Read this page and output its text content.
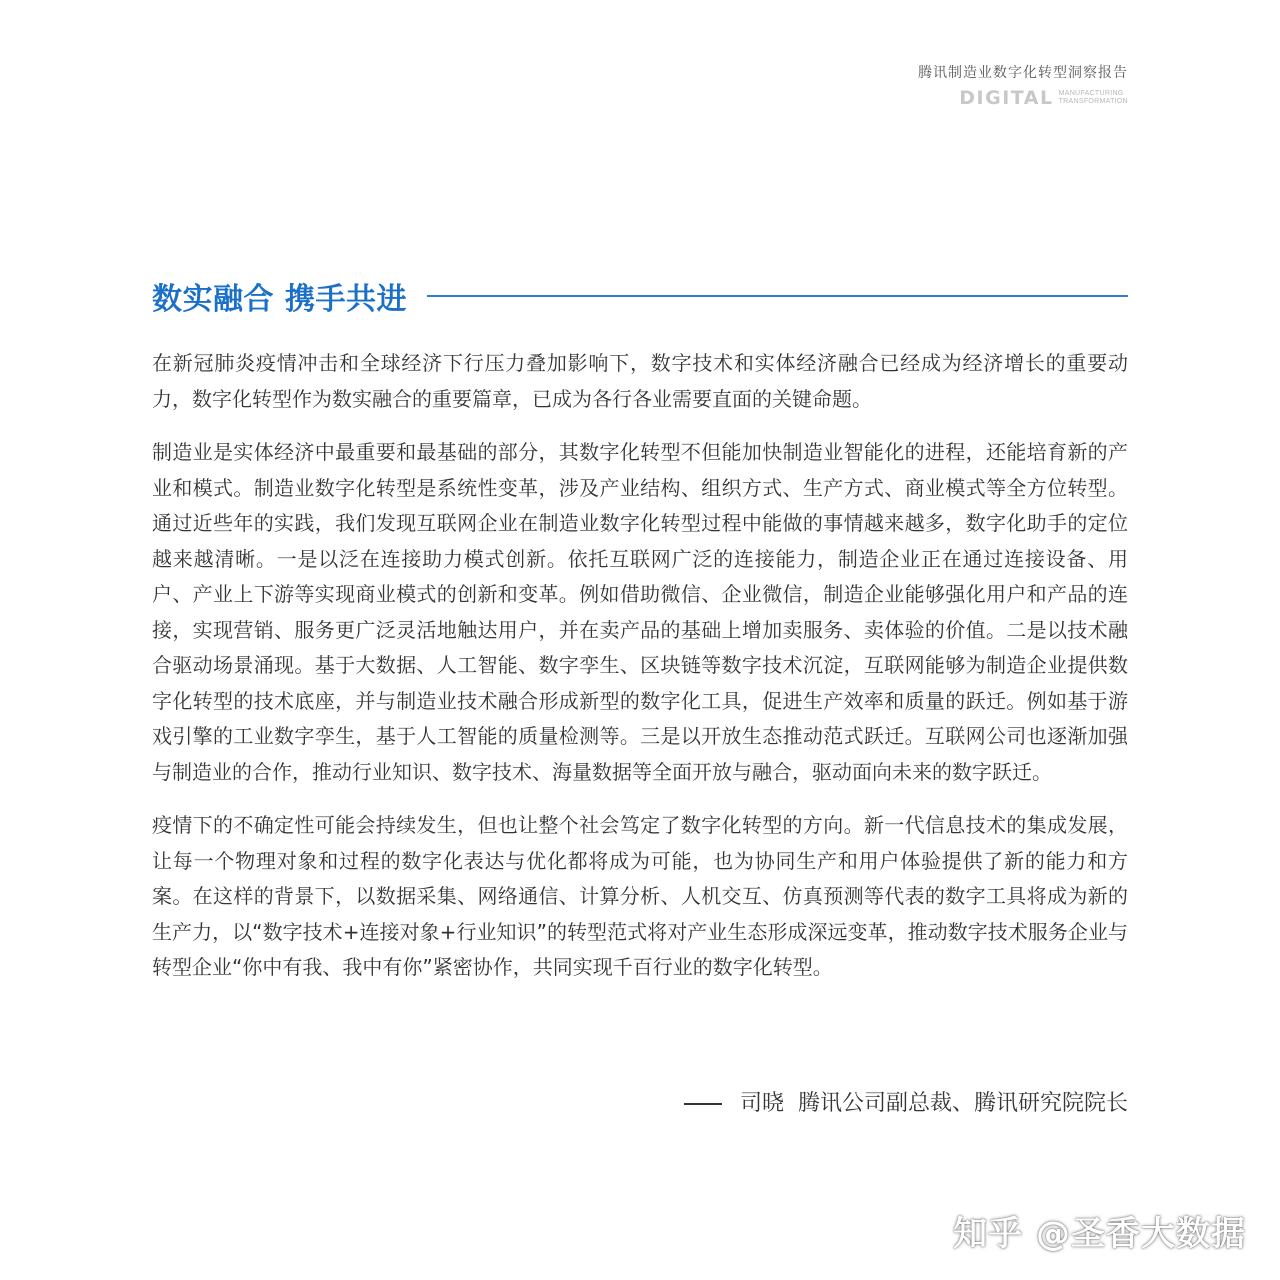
腾讯制造业数字化转型洞察报告
DIGITAL MANUFACTURING
TRANSFORMATION
数实融合 携手共进

在新冠肺炎疫情冲击和全球经济下行压力叠加影响下，数字技术和实体经济融合已经成为经济增长的重要动力，数字化转型作为数实融合的重要篇章，已成为各行各业需要直面的关键命题。

制造业是实体经济中最重要和最基础的部分，其数字化转型不但能加快制造业智能化的进程，还能培育新的产业和模式。制造业数字化转型是系统性变革，涉及产业结构、组织方式、生产方式、商业模式等全方位转型。通过近些年的实践，我们发现互联网企业在制造业数字化转型过程中能做的事情越来越多，数字化助手的定位越来越清晰。一是以泛在连接助力模式创新。依托互联网广泛的连接能力，制造企业正在通过连接设备、用户、产业上下游等实现商业模式的创新和变革。例如借助微信、企业微信，制造企业能够强化用户和产品的连接，实现营销、服务更广泛灵活地触达用户，并在卖产品的基础上增加卖服务、卖体验的价值。二是以技术融合驱动场景涌现。基于大数据、人工智能、数字孪生、区块链等数字技术沉淀，互联网能够为制造企业提供数字化转型的技术底座，并与制造业技术融合形成新型的数字化工具，促进生产效率和质量的跃迁。例如基于游戏引擎的工业数字孪生，基于人工智能的质量检测等。三是以开放生态推动范式跃迁。互联网公司也逐渐加强与制造业的合作，推动行业知识、数字技术、海量数据等全面开放与融合，驱动面向未来的数字跃迁。

疫情下的不确定性可能会持续发生，但也让整个社会笃定了数字化转型的方向。新一代信息技术的集成发展，让每一个物理对象和过程的数字化表达与优化都将成为可能，也为协同生产和用户体验提供了新的能力和方案。在这样的背景下，以数据采集、网络通信、计算分析、人机交互、仿真预测等代表的数字工具将成为新的生产力，以“数字技术+连接对象+行业知识”的转型范式将对产业生态形成深远变革，推动数字技术服务企业与转型企业“你中有我、我中有你”紧密协作，共同实现千百行业的数字化转型。

司晓 腾讯公司副总裁、腾讯研究院院长
知乎 @圣香大数据
